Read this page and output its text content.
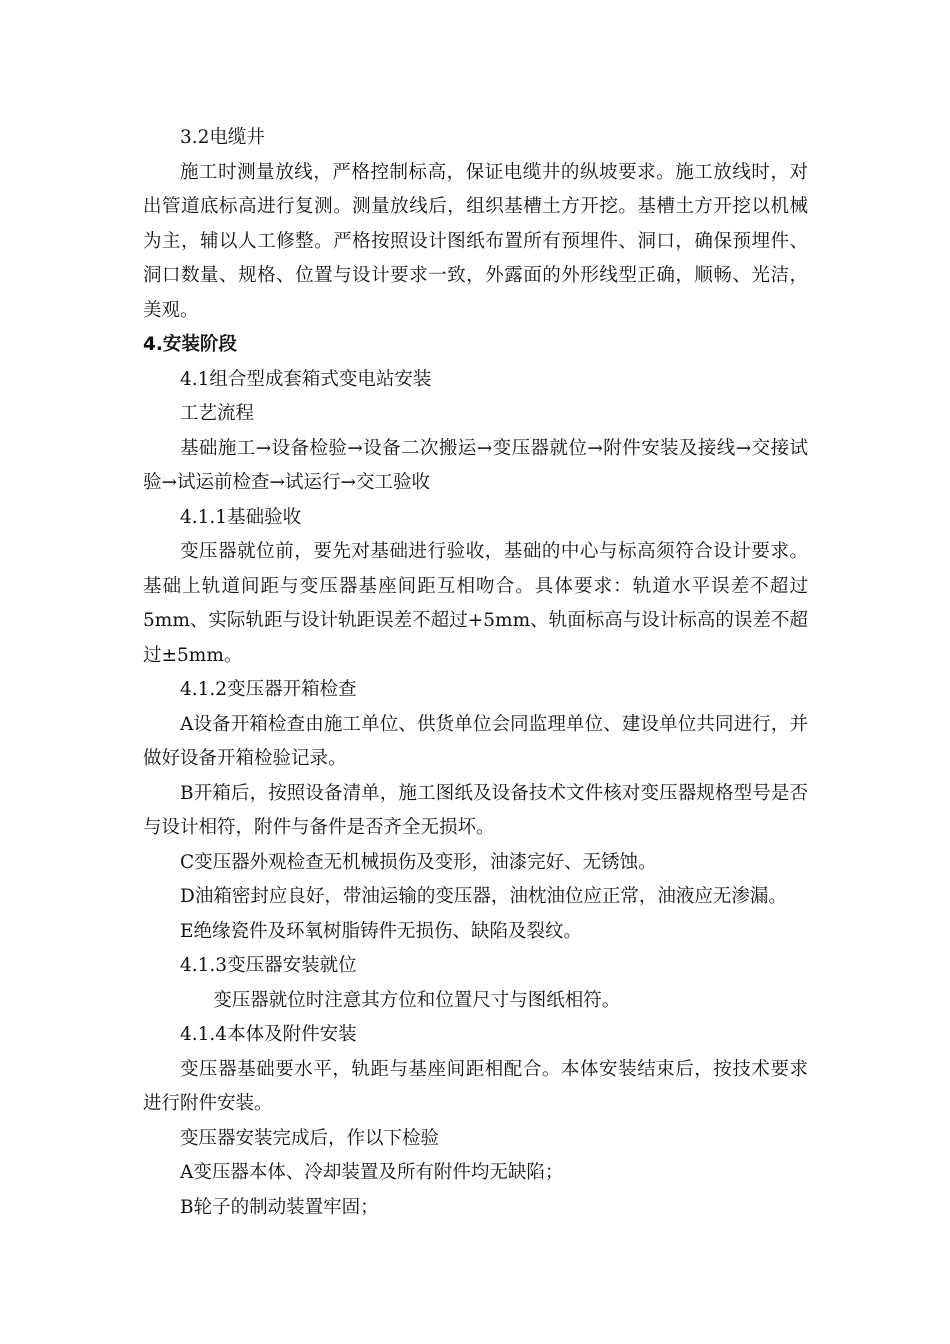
3.2电缆井

施工时测量放线，严格控制标高，保证电缆井的纵坡要求。施工放线时，对出管道底标高进行复测。测量放线后，组织基槽土方开挖。基槽土方开挖以机械为主，辅以人工修整。严格按照设计图纸布置所有预埋件、洞口，确保预埋件、洞口数量、规格、位置与设计要求一致，外露面的外形线型正确，顺畅、光洁，美观。

4.安装阶段

4.1组合型成套箱式变电站安装

工艺流程

基础施工→设备检验→设备二次搬运→变压器就位→附件安装及接线→交接试验→试运前检查→试运行→交工验收

4.1.1基础验收

变压器就位前，要先对基础进行验收，基础的中心与标高须符合设计要求。基础上轨道间距与变压器基座间距互相吻合。具体要求：轨道水平误差不超过5mm、实际轨距与设计轨距误差不超过+5mm、轨面标高与设计标高的误差不超过±5mm。

4.1.2变压器开箱检查

A设备开箱检查由施工单位、供货单位会同监理单位、建设单位共同进行，并做好设备开箱检验记录。

B开箱后，按照设备清单，施工图纸及设备技术文件核对变压器规格型号是否与设计相符，附件与备件是否齐全无损坏。

C变压器外观检查无机械损伤及变形，油漆完好、无锈蚀。

D油箱密封应良好，带油运输的变压器，油枕油位应正常，油液应无渗漏。

E绝缘瓷件及环氧树脂铸件无损伤、缺陷及裂纹。

4.1.3变压器安装就位

变压器就位时注意其方位和位置尺寸与图纸相符。

4.1.4本体及附件安装

变压器基础要水平，轨距与基座间距相配合。本体安装结束后，按技术要求进行附件安装。

变压器安装完成后，作以下检验

A变压器本体、冷却装置及所有附件均无缺陷；

B轮子的制动装置牢固；
